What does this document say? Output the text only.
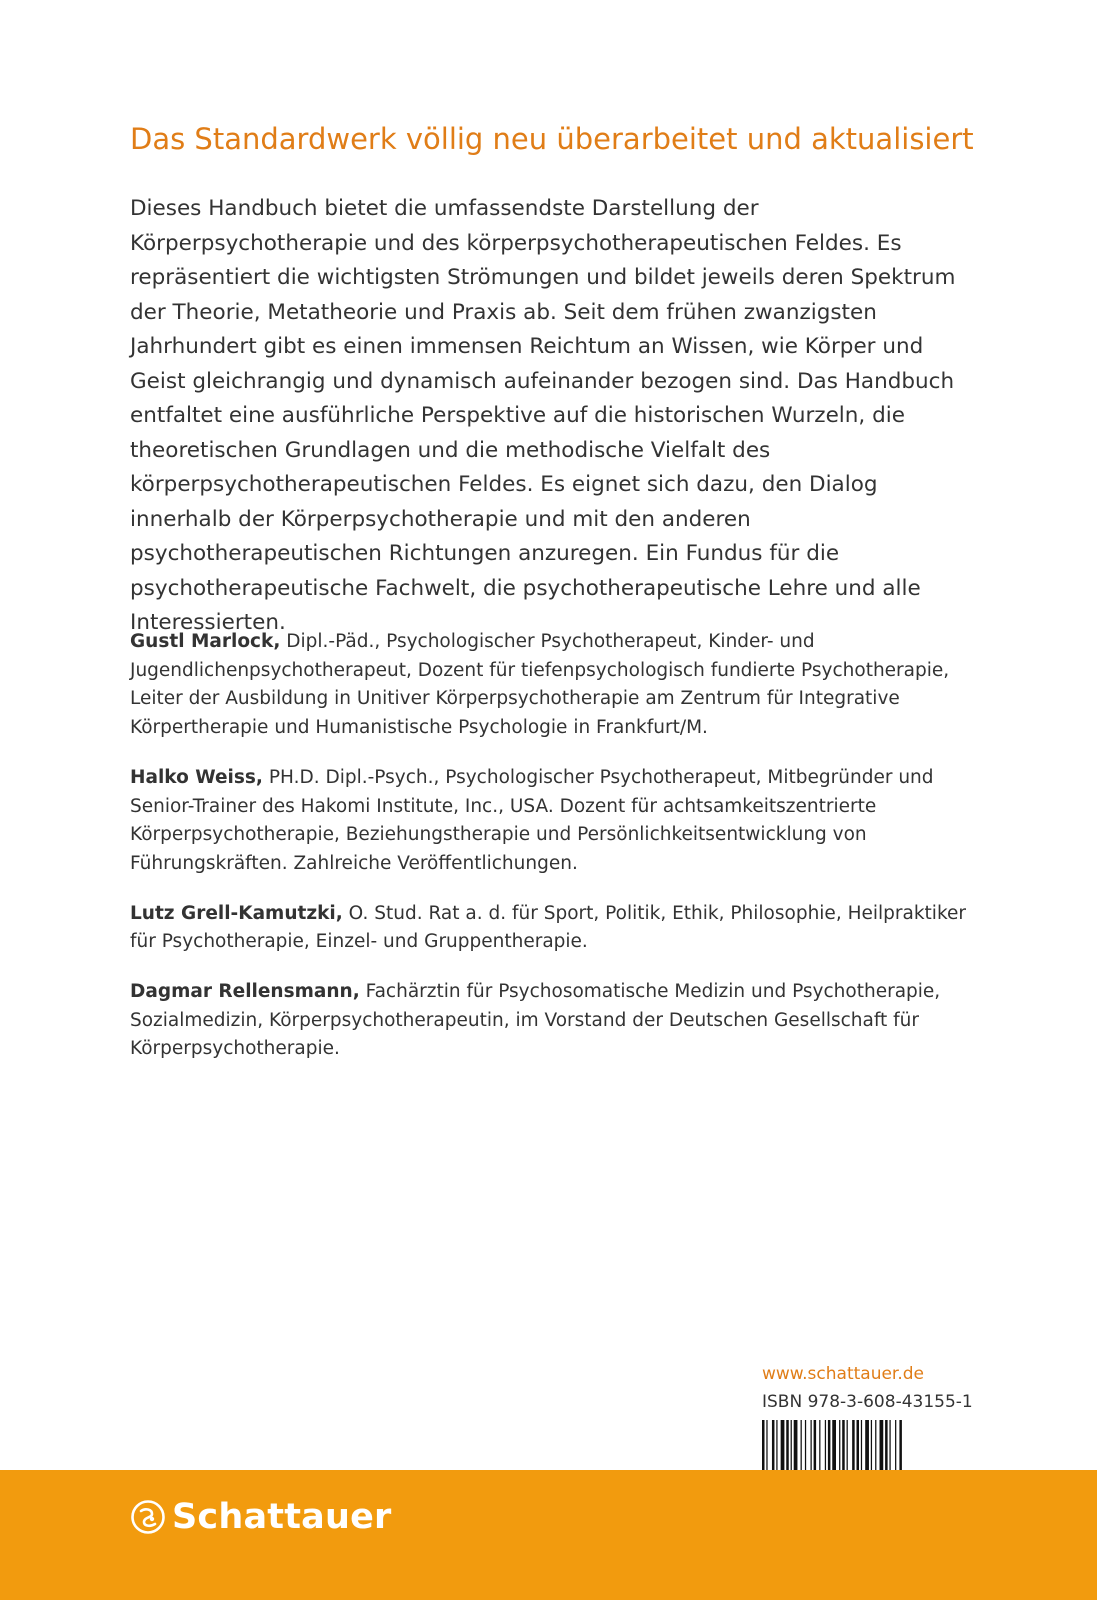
Das Standardwerk völlig neu überarbeitet und aktualisiert

Dieses Handbuch bietet die umfassendste Darstellung der Körperpsychotherapie und des körperpsychotherapeutischen Feldes. Es repräsentiert die wichtigsten Strömungen und bildet jeweils deren Spektrum der Theorie, Metatheorie und Praxis ab. Seit dem frühen zwanzigsten Jahrhundert gibt es einen immensen Reichtum an Wissen, wie Körper und Geist gleichrangig und dynamisch aufeinander bezogen sind. Das Handbuch entfaltet eine ausführliche Perspektive auf die historischen Wurzeln, die theoretischen Grundlagen und die methodische Vielfalt des körperpsychotherapeutischen Feldes. Es eignet sich dazu, den Dialog innerhalb der Körperpsychotherapie und mit den anderen psychotherapeutischen Richtungen anzuregen. Ein Fundus für die psychotherapeutische Fachwelt, die psychotherapeutische Lehre und alle Interessierten.

Gustl Marlock, Dipl.-Päd., Psychologischer Psychotherapeut, Kinder- und Jugendlichenpsychotherapeut, Dozent für tiefenpsychologisch fundierte Psychotherapie, Leiter der Ausbildung in Unitiver Körperpsychotherapie am Zentrum für Integrative Körpertherapie und Humanistische Psychologie in Frankfurt/M.

Halko Weiss, PH.D. Dipl.-Psych., Psychologischer Psychotherapeut, Mitbegründer und Senior-Trainer des Hakomi Institute, Inc., USA. Dozent für achtsamkeitszentrierte Körperpsychotherapie, Beziehungstherapie und Persönlichkeitsentwicklung von Führungskräften. Zahlreiche Veröffentlichungen.

Lutz Grell-Kamutzki, O. Stud. Rat a. d. für Sport, Politik, Ethik, Philosophie, Heilpraktiker für Psychotherapie, Einzel- und Gruppentherapie.

Dagmar Rellensmann, Fachärztin für Psychosomatische Medizin und Psychotherapie, Sozialmedizin, Körperpsychotherapeutin, im Vorstand der Deutschen Gesellschaft für Körperpsychotherapie.

www.schattauer.de
ISBN 978-3-608-43155-1
Schattauer
